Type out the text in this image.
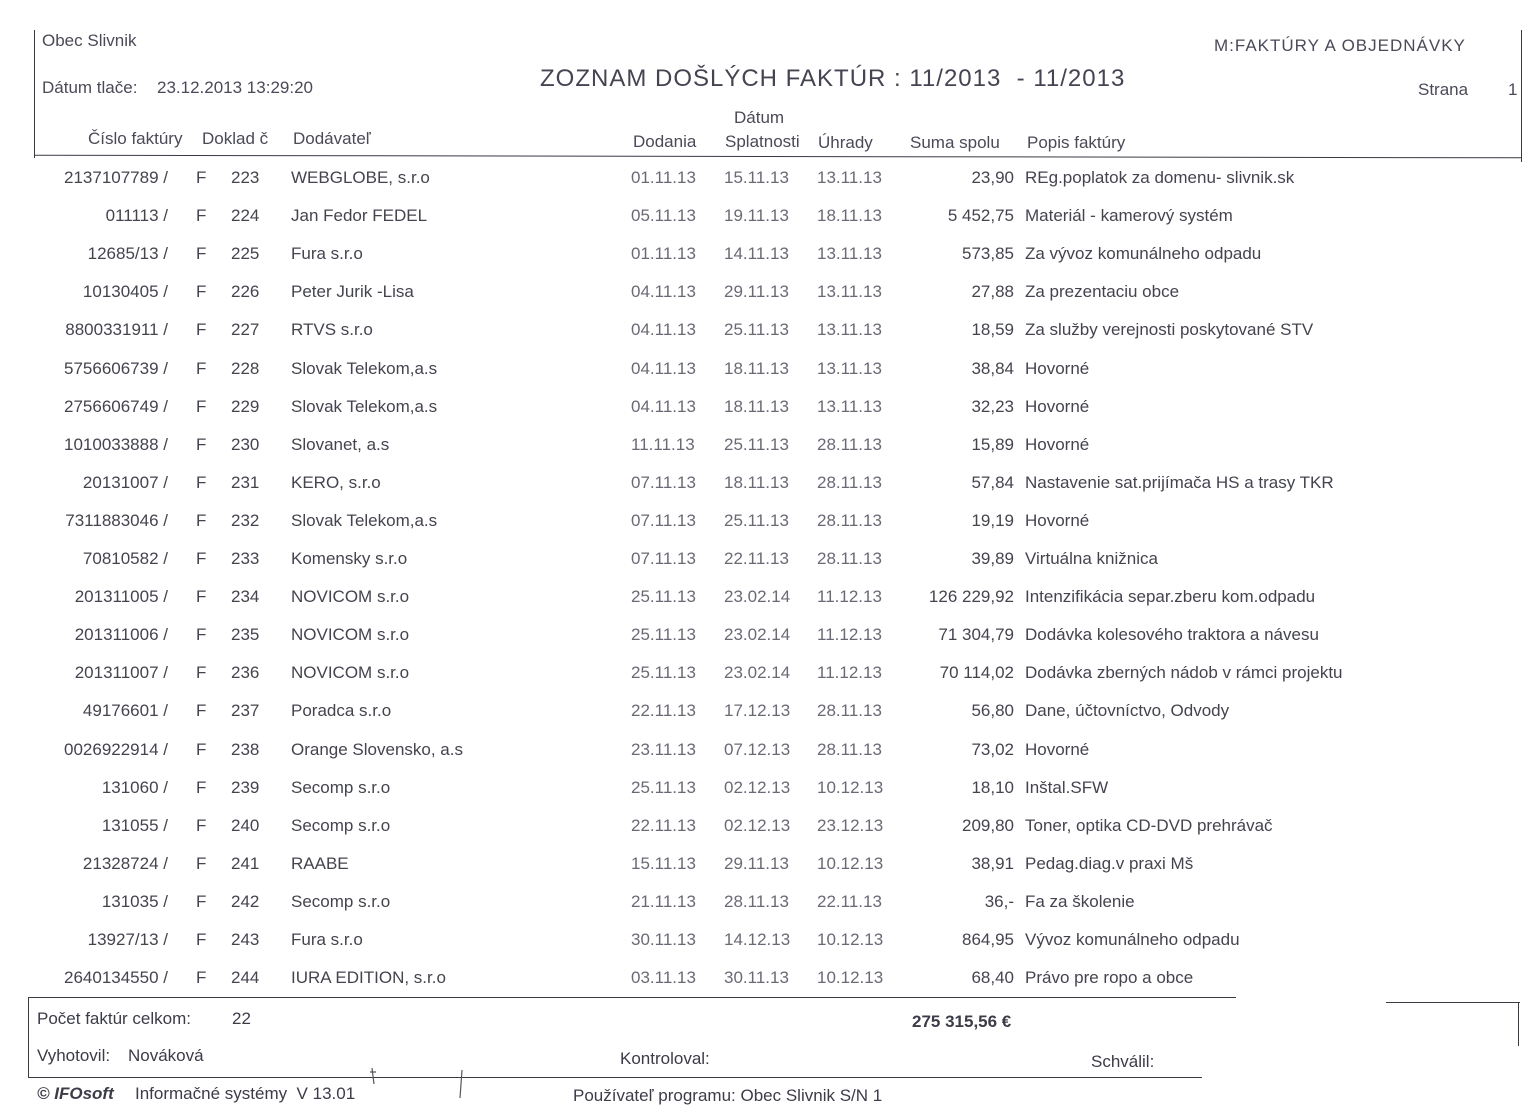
Obec Slivnik	M:FAKTÚRY A OBJEDNÁVKY
Dátum tlače: 23.12.2013 13:29:20	ZOZNAM DOŠLÝCH FAKTÚR : 11/2013  - 11/2013	Strana 1
Číslo faktúry Doklad č Dodávateľ
Dátum
Dodania Splatnosti Úhrady Suma spolu Popis faktúry
2137107789 / F 223 WEBGLOBE, s.r.o	01.11.13 15.11.13 13.11.13	23,90 REg.poplatok za domenu- slivnik.sk
011113 / F 224 Jan Fedor FEDEL	05.11.13 19.11.13 18.11.13	5 452,75 Materiál - kamerový systém
12685/13 / F 225 Fura s.r.o	01.11.13 14.11.13 13.11.13	573,85 Za vývoz komunálneho odpadu
10130405 / F 226 Peter Jurik -Lisa	04.11.13 29.11.13 13.11.13	27,88 Za prezentaciu obce
8800331911 / F 227 RTVS s.r.o	04.11.13 25.11.13 13.11.13	18,59 Za služby verejnosti poskytované STV
5756606739 / F 228 Slovak Telekom,a.s	04.11.13 18.11.13 13.11.13	38,84 Hovorné
2756606749 / F 229 Slovak Telekom,a.s	04.11.13 18.11.13 13.11.13	32,23 Hovorné
1010033888 / F 230 Slovanet, a.s	11.11.13 25.11.13 28.11.13	15,89 Hovorné
20131007 / F 231 KERO, s.r.o	07.11.13 18.11.13 28.11.13	57,84 Nastavenie sat.prijímača HS a trasy TKR
7311883046 / F 232 Slovak Telekom,a.s	07.11.13 25.11.13 28.11.13	19,19 Hovorné
70810582 / F 233 Komensky s.r.o	07.11.13 22.11.13 28.11.13	39,89 Virtuálna knižnica
201311005 / F 234 NOVICOM s.r.o	25.11.13 23.02.14 11.12.13	126 229,92 Intenzifikácia separ.zberu kom.odpadu
201311006 / F 235 NOVICOM s.r.o	25.11.13 23.02.14 11.12.13	71 304,79 Dodávka kolesového traktora a návesu
201311007 / F 236 NOVICOM s.r.o	25.11.13 23.02.14 11.12.13	70 114,02 Dodávka zberných nádob v rámci projektu
49176601 / F 237 Poradca s.r.o	22.11.13 17.12.13 28.11.13	56,80 Dane, účtovníctvo, Odvody
0026922914 / F 238 Orange Slovensko, a.s	23.11.13 07.12.13 28.11.13	73,02 Hovorné
131060 / F 239 Secomp s.r.o	25.11.13 02.12.13 10.12.13	18,10 Inštal.SFW
131055 / F 240 Secomp s.r.o	22.11.13 02.12.13 23.12.13	209,80 Toner, optika CD-DVD prehrávač
21328724 / F 241 RAABE	15.11.13 29.11.13 10.12.13	38,91 Pedag.diag.v praxi Mš
131035 / F 242 Secomp s.r.o	21.11.13 28.11.13 22.11.13	36,- Fa za školenie
13927/13 / F 243 Fura s.r.o	30.11.13 14.12.13 10.12.13	864,95 Vývoz komunálneho odpadu
2640134550 / F 244 IURA EDITION, s.r.o	03.11.13 30.11.13 10.12.13	68,40 Právo pre ropo a obce
Počet faktúr celkom: 22	275 315,56 €
Vyhotovil: Nováková	Kontroloval:	Schválil:
© IFOsoft Informačné systémy  V 13.01	Používateľ programu: Obec Slivnik S/N 1
